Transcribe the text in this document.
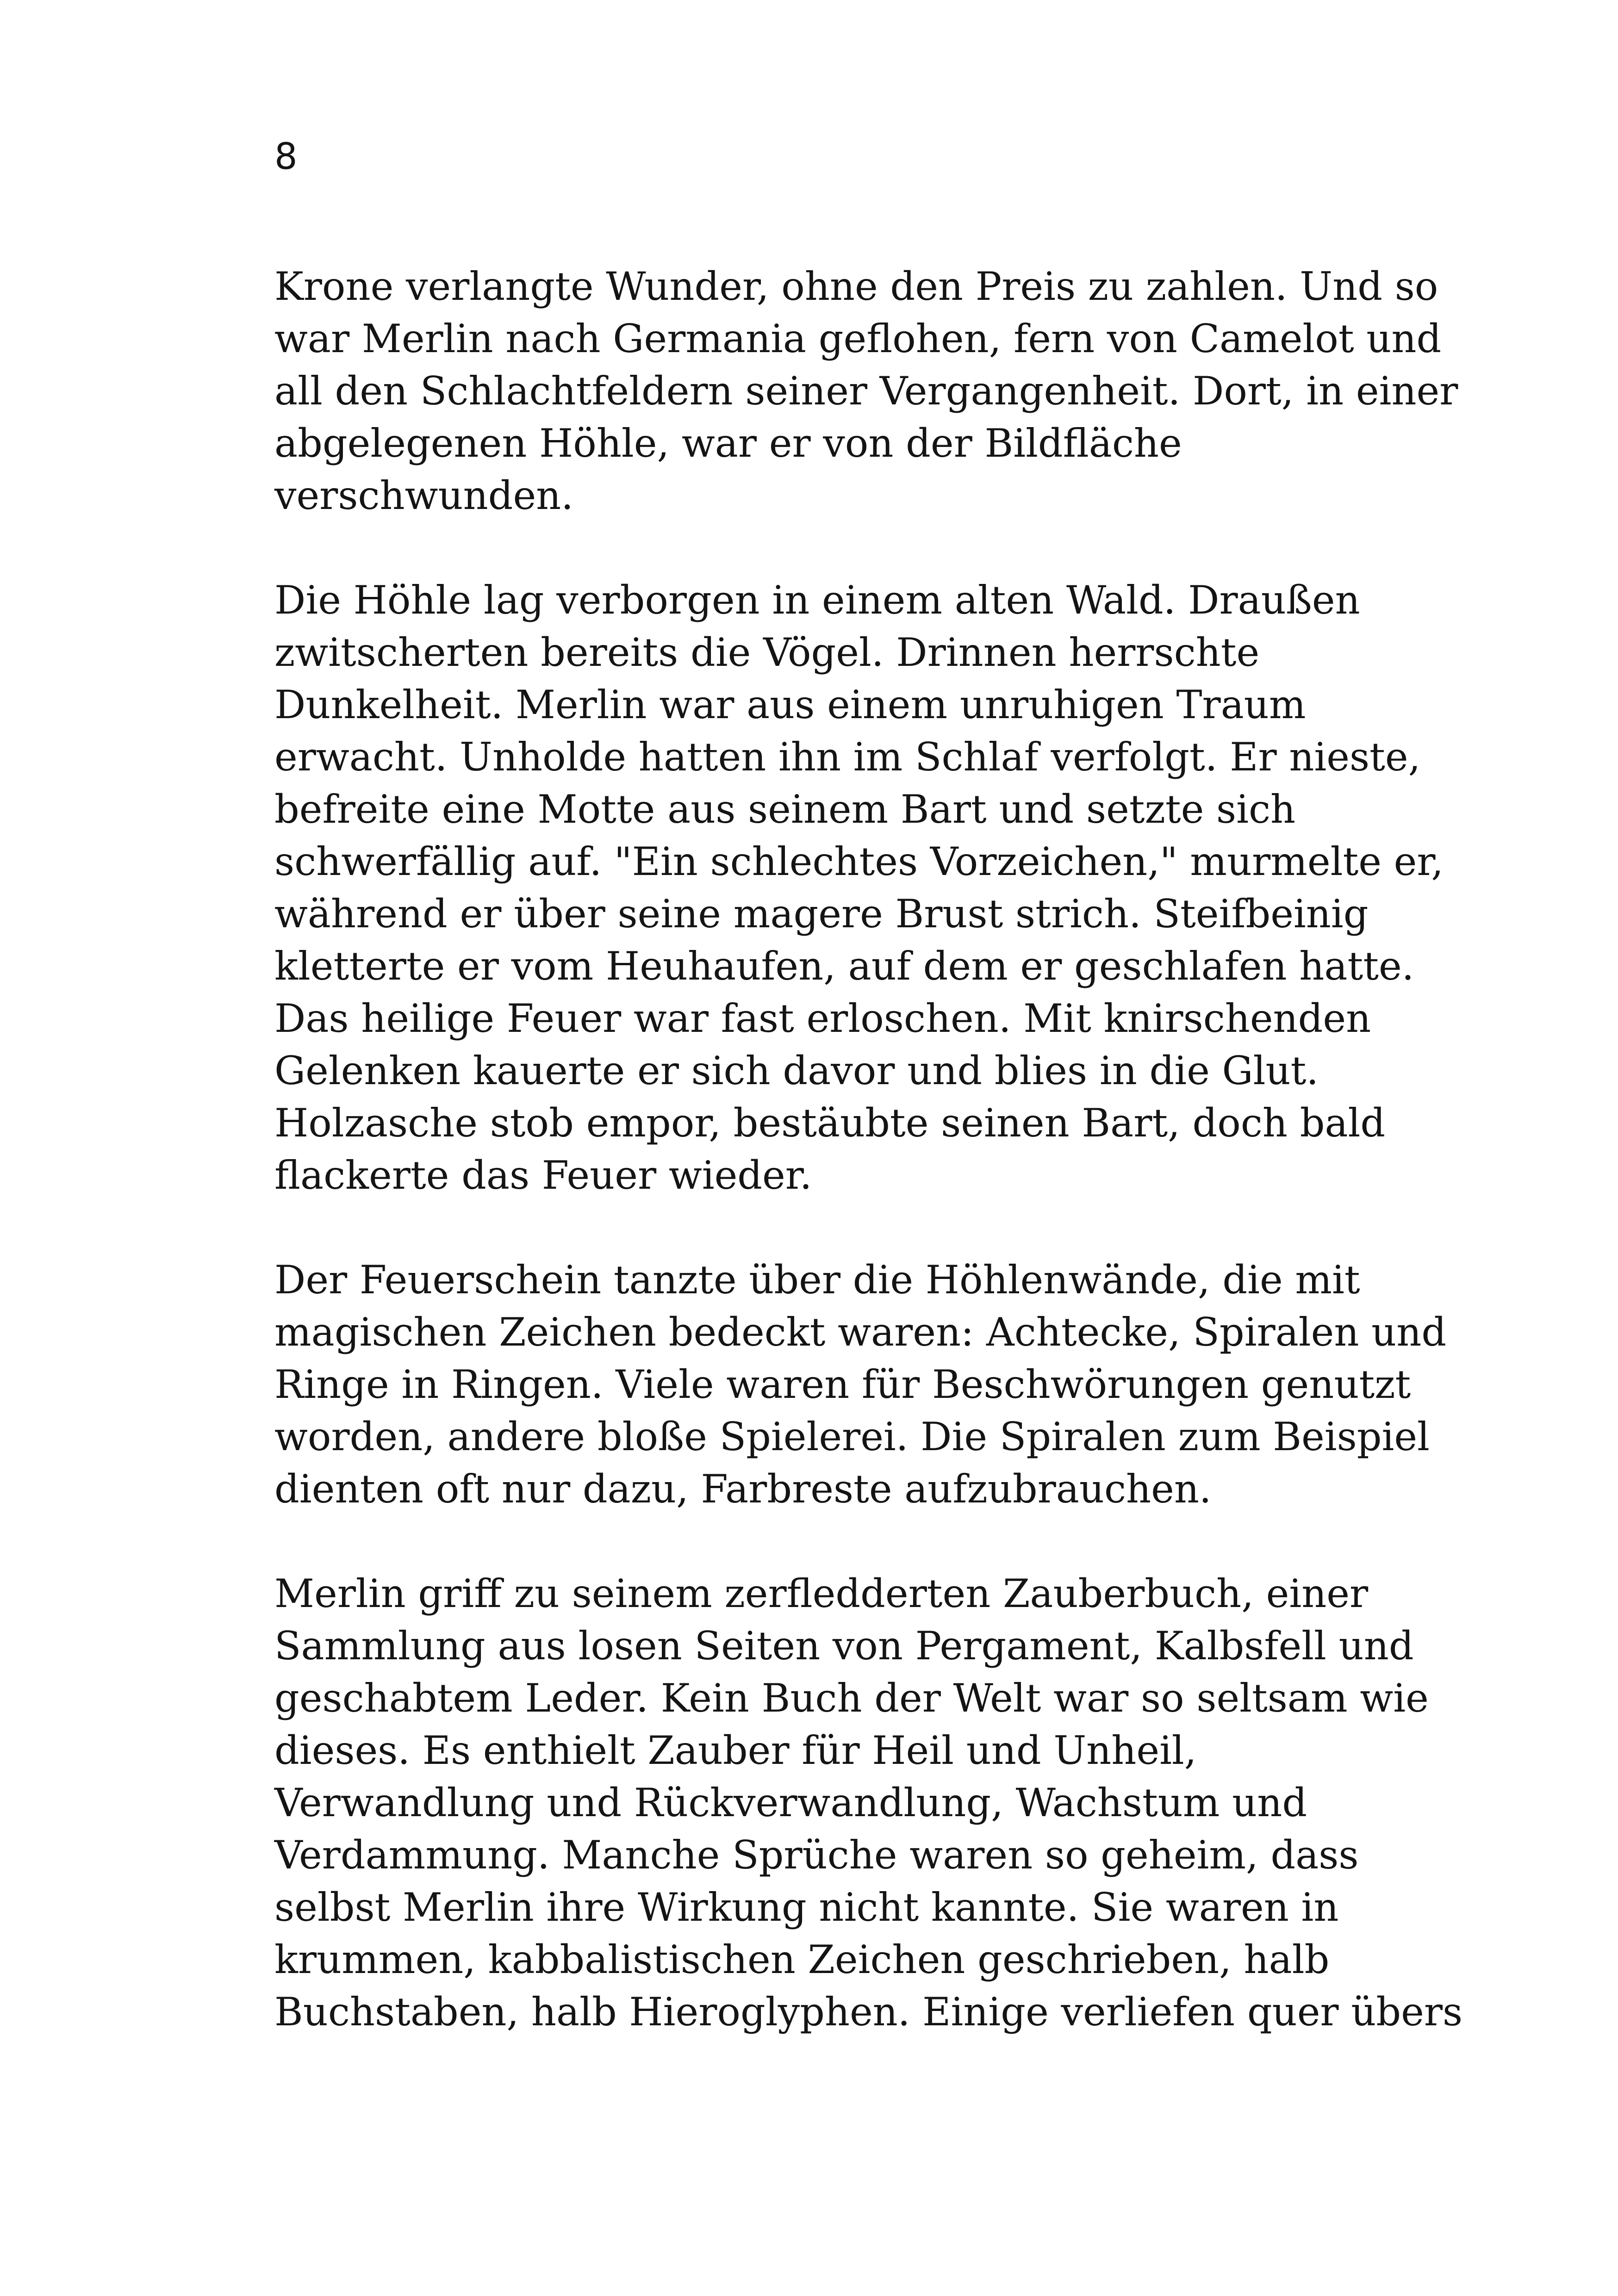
8

Krone verlangte Wunder, ohne den Preis zu zahlen. Und so
war Merlin nach Germania geflohen, fern von Camelot und
all den Schlachtfeldern seiner Vergangenheit. Dort, in einer
abgelegenen Höhle, war er von der Bildfläche
verschwunden.

Die Höhle lag verborgen in einem alten Wald. Draußen
zwitscherten bereits die Vögel. Drinnen herrschte
Dunkelheit. Merlin war aus einem unruhigen Traum
erwacht. Unholde hatten ihn im Schlaf verfolgt. Er nieste,
befreite eine Motte aus seinem Bart und setzte sich
schwerfällig auf. "Ein schlechtes Vorzeichen," murmelte er,
während er über seine magere Brust strich. Steifbeinig
kletterte er vom Heuhaufen, auf dem er geschlafen hatte.
Das heilige Feuer war fast erloschen. Mit knirschenden
Gelenken kauerte er sich davor und blies in die Glut.
Holzasche stob empor, bestäubte seinen Bart, doch bald
flackerte das Feuer wieder.

Der Feuerschein tanzte über die Höhlenwände, die mit
magischen Zeichen bedeckt waren: Achtecke, Spiralen und
Ringe in Ringen. Viele waren für Beschwörungen genutzt
worden, andere bloße Spielerei. Die Spiralen zum Beispiel
dienten oft nur dazu, Farbreste aufzubrauchen.

Merlin griff zu seinem zerfledderten Zauberbuch, einer
Sammlung aus losen Seiten von Pergament, Kalbsfell und
geschabtem Leder. Kein Buch der Welt war so seltsam wie
dieses. Es enthielt Zauber für Heil und Unheil,
Verwandlung und Rückverwandlung, Wachstum und
Verdammung. Manche Sprüche waren so geheim, dass
selbst Merlin ihre Wirkung nicht kannte. Sie waren in
krummen, kabbalistischen Zeichen geschrieben, halb
Buchstaben, halb Hieroglyphen. Einige verliefen quer übers
